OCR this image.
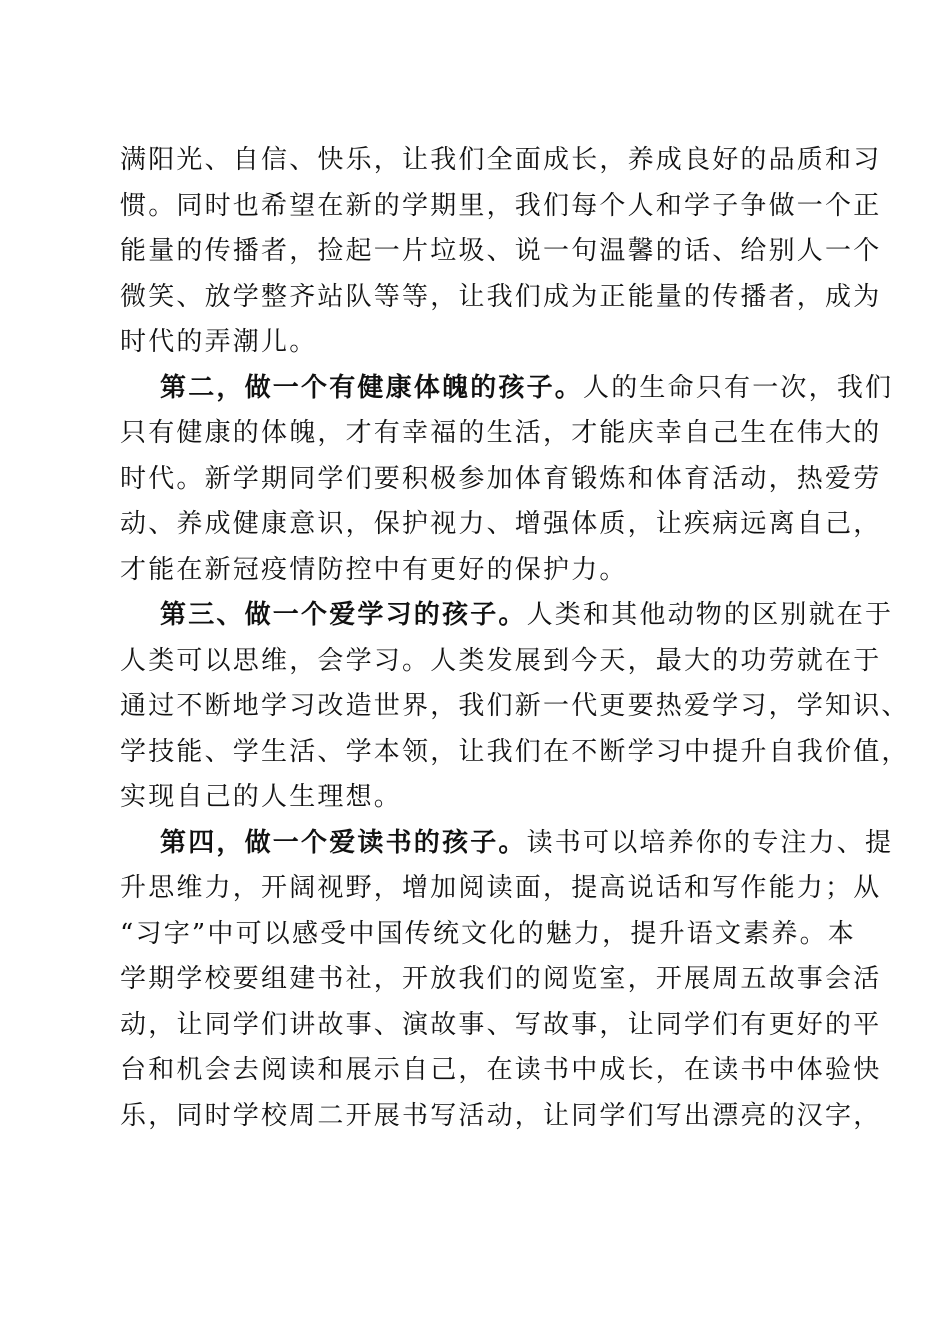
满阳光、自信、快乐，让我们全面成长，养成良好的品质和习
惯。同时也希望在新的学期里，我们每个人和学子争做一个正
能量的传播者，捡起一片垃圾、说一句温馨的话、给别人一个
微笑、放学整齐站队等等，让我们成为正能量的传播者，成为
时代的弄潮儿。
第二，做一个有健康体魄的孩子。人的生命只有一次，我们
只有健康的体魄，才有幸福的生活，才能庆幸自己生在伟大的
时代。新学期同学们要积极参加体育锻炼和体育活动，热爱劳
动、养成健康意识，保护视力、增强体质，让疾病远离自己，
才能在新冠疫情防控中有更好的保护力。
第三、做一个爱学习的孩子。人类和其他动物的区别就在于
人类可以思维，会学习。人类发展到今天，最大的功劳就在于
通过不断地学习改造世界，我们新一代更要热爱学习，学知识、
学技能、学生活、学本领，让我们在不断学习中提升自我价值，
实现自己的人生理想。
第四，做一个爱读书的孩子。读书可以培养你的专注力、提
升思维力，开阔视野，增加阅读面，提高说话和写作能力；从
“习字”中可以感受中国传统文化的魅力，提升语文素养。本
学期学校要组建书社，开放我们的阅览室，开展周五故事会活
动，让同学们讲故事、演故事、写故事，让同学们有更好的平
台和机会去阅读和展示自己，在读书中成长，在读书中体验快
乐，同时学校周二开展书写活动，让同学们写出漂亮的汉字，
